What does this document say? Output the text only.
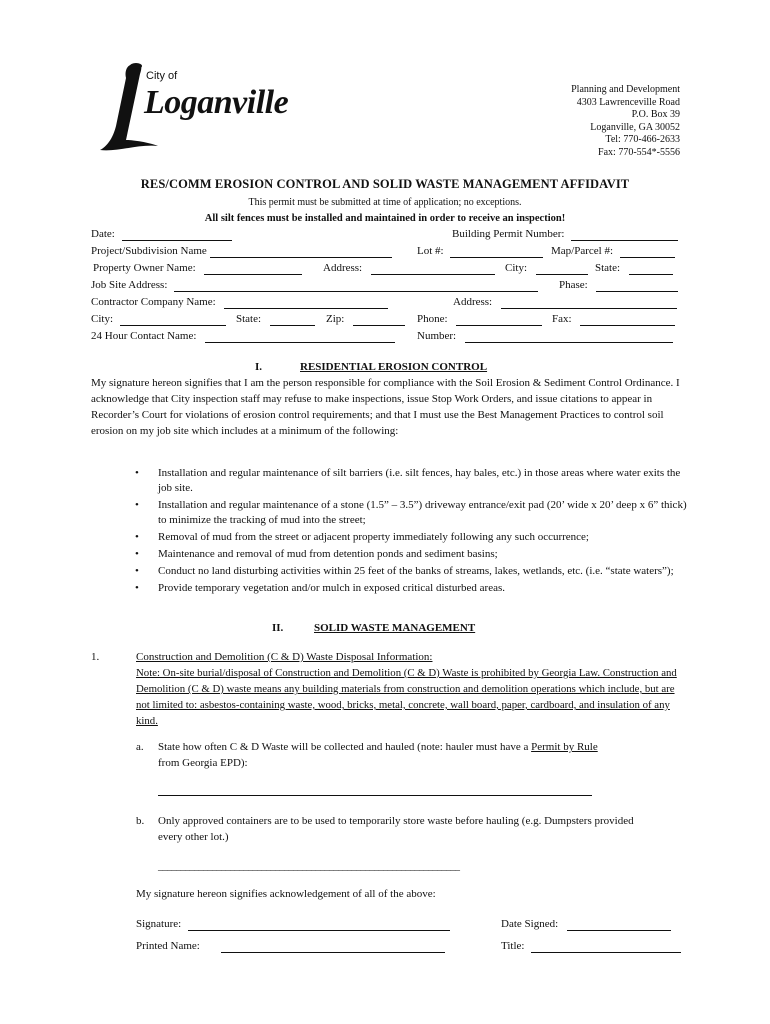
City of
Loganville	Planning and Development
4303 Lawrenceville Road
P.O. Box 39
Loganville, GA 30052
Tel: 770-466-2633
Fax: 770-554*-5556
RES/COMM EROSION CONTROL AND SOLID WASTE MANAGEMENT AFFIDAVIT
This permit must be submitted at time of application; no exceptions.
All silt fences must be installed and maintained in order to receive an inspection!
Date:	Building Permit Number:
Project/Subdivision Name	Lot #:	Map/Parcel #:
Property Owner Name:	Address:	City:	State:
Job Site Address:	Phase:
Contractor Company Name:	Address:
City:	State:	Zip:	Phone:	Fax:
24 Hour Contact Name:	Number:
I.	RESIDENTIAL EROSION CONTROL
My signature hereon signifies that I am the person responsible for compliance with the Soil Erosion & Sediment Control Ordinance. I acknowledge that City inspection staff may refuse to make inspections, issue Stop Work Orders, and issue citations to appear in Recorder’s Court for violations of erosion control requirements; and that I must use the Best Management Practices to control soil erosion on my job site which includes at a minimum of the following:
• Installation and regular maintenance of silt barriers (i.e. silt fences, hay bales, etc.) in those areas where water exits the job site.
• Installation and regular maintenance of a stone (1.5” – 3.5”) driveway entrance/exit pad (20’ wide x 20’ deep x 6” thick) to minimize the tracking of mud into the street;
• Removal of mud from the street or adjacent property immediately following any such occurrence;
• Maintenance and removal of mud from detention ponds and sediment basins;
• Conduct no land disturbing activities within 25 feet of the banks of streams, lakes, wetlands, etc. (i.e. “state waters”);
• Provide temporary vegetation and/or mulch in exposed critical disturbed areas.
II.	SOLID WASTE MANAGEMENT
1.	Construction and Demolition (C & D) Waste Disposal Information:
Note: On-site burial/disposal of Construction and Demolition (C & D) Waste is prohibited by Georgia Law. Construction and Demolition (C & D) waste means any building materials from construction and demolition operations which include, but are not limited to: asbestos-containing waste, wood, bricks, metal, concrete, wall board, paper, cardboard, and insulation of any kind.
a. State how often C & D Waste will be collected and hauled (note: hauler must have a Permit by Rule
from Georgia EPD):
b. Only approved containers are to be used to temporarily store waste before hauling (e.g. Dumpsters provided every other lot.)
___________________________________________________________________
My signature hereon signifies acknowledgement of all of the above:
Signature:	Date Signed:
Printed Name:	Title:
